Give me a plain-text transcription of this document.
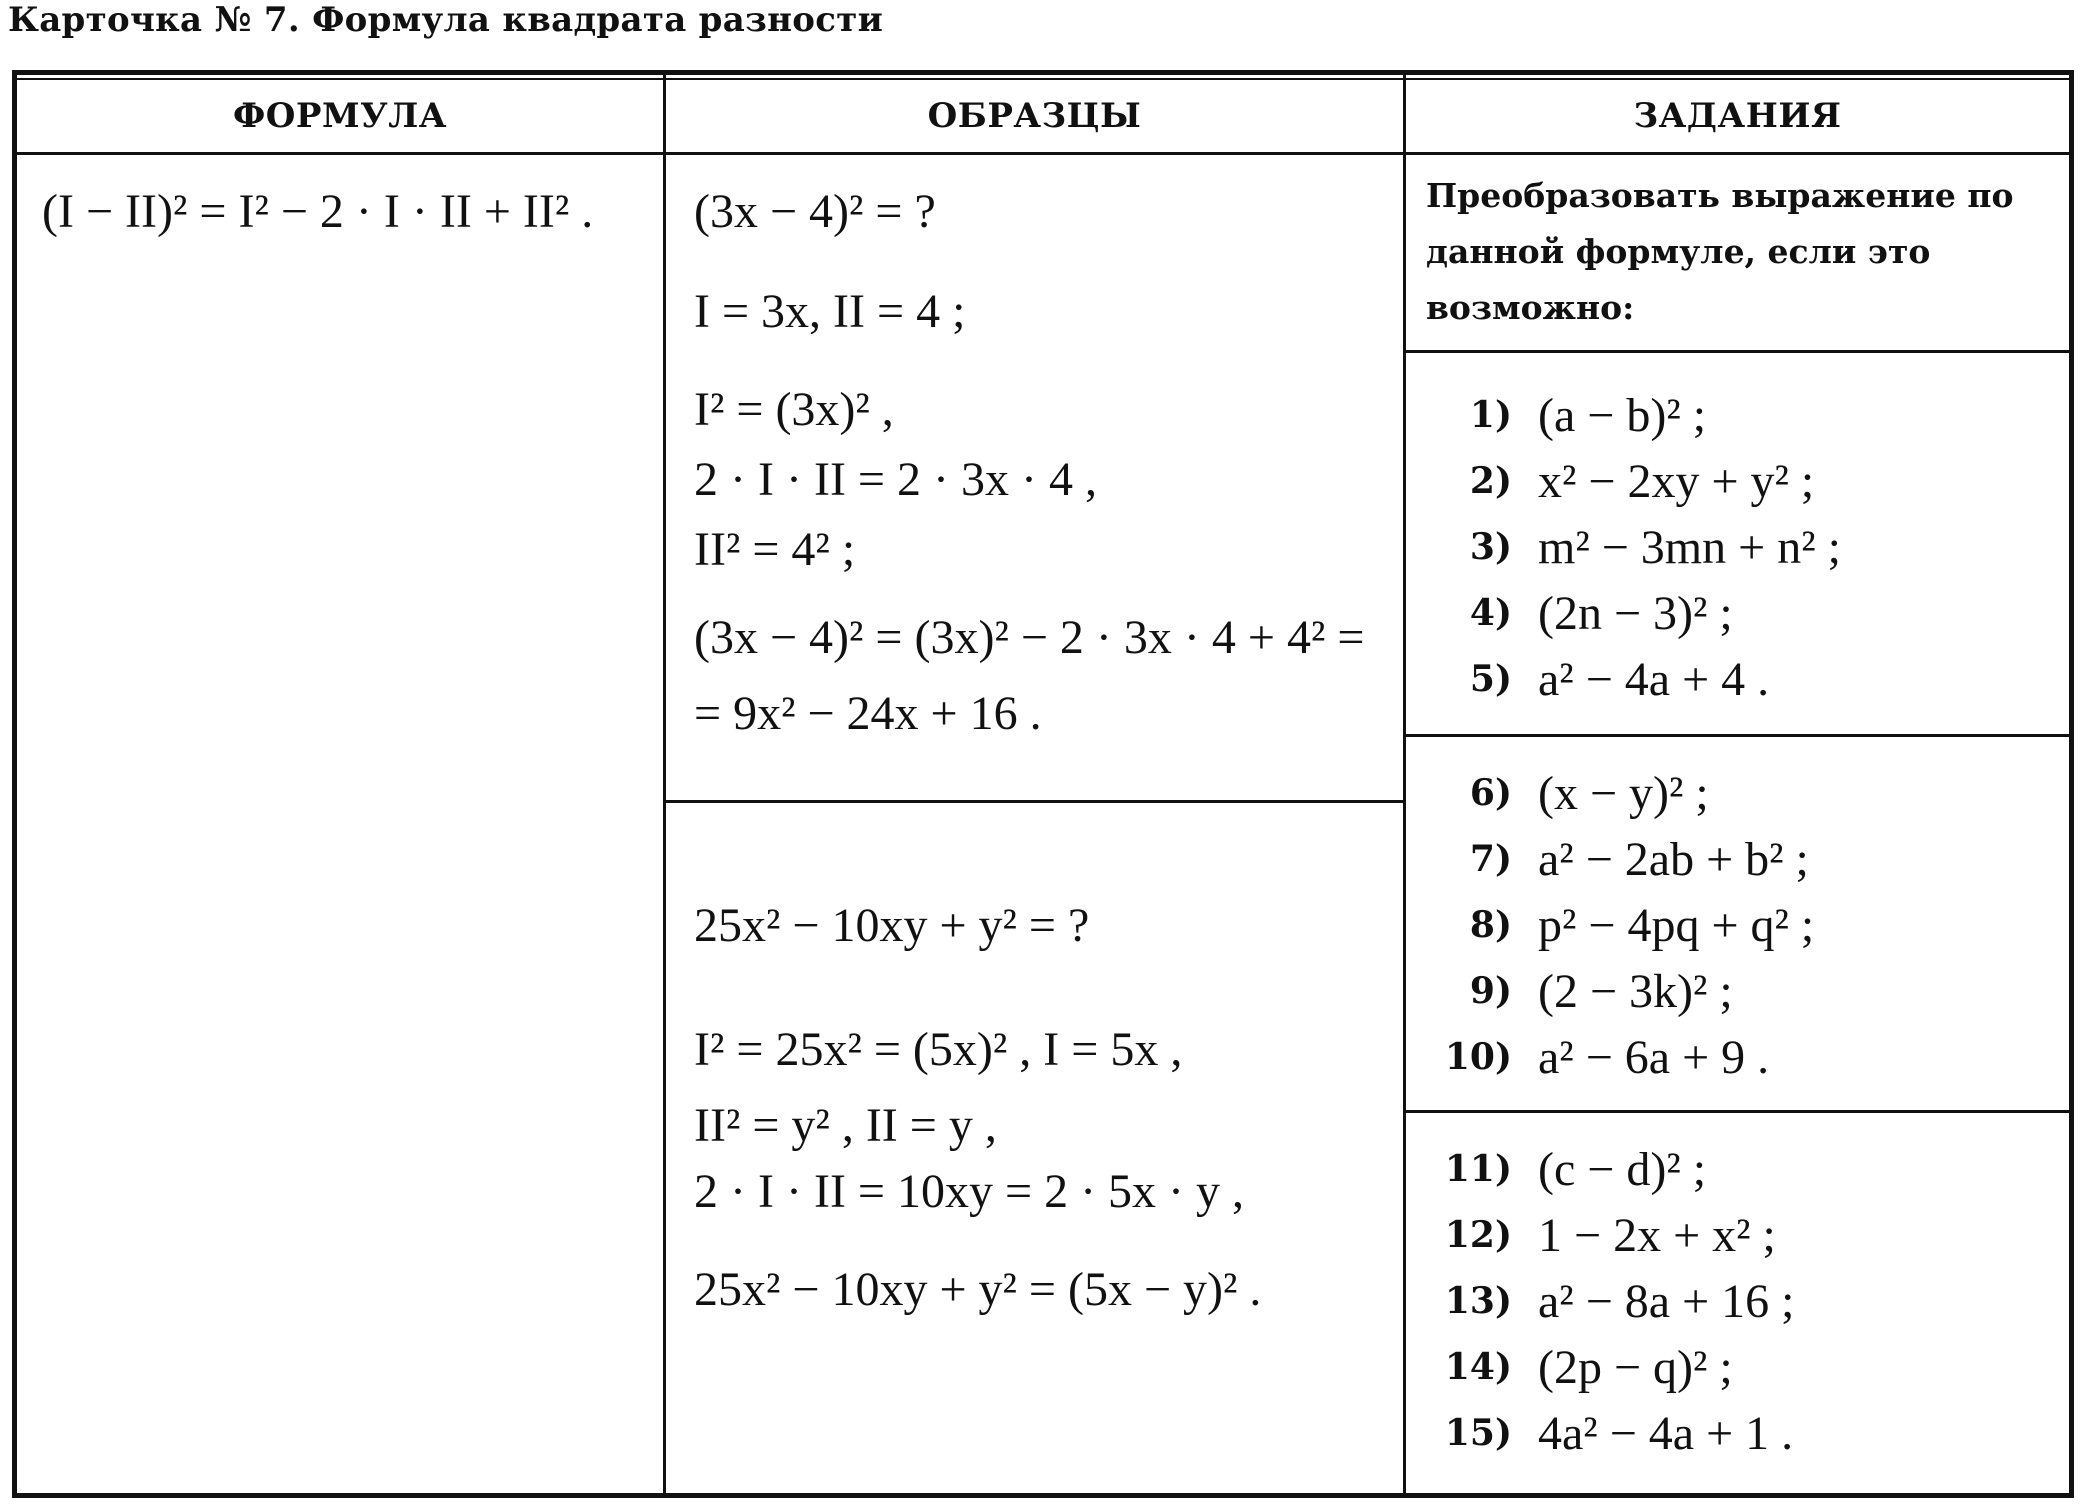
Карточка № 7. Формула квадрата разности
ФОРМУЛА	ОБРАЗЦЫ	ЗАДАНИЯ
(I − II)² = I² − 2 · I · II + II² . (3x − 4)² = ?
I = 3x, II = 4 ;
I² = (3x)² ,
2 · I · II = 2 · 3x · 4 ,
II² = 4² ;
(3x − 4)² = (3x)² − 2 · 3x · 4 + 4² =
= 9x² − 24x + 16 .
25x² − 10xy + y² = ?
I² = 25x² = (5x)² , I = 5x ,
II² = y² , II = y ,
2 · I · II = 10xy = 2 · 5x · y ,
25x² − 10xy + y² = (5x − y)² .
Преобразовать выражение по данной формуле, если это возможно:
1) (a − b)² ;
2) x² − 2xy + y² ;
3) m² − 3mn + n² ;
4) (2n − 3)² ;
5) a² − 4a + 4 .
6) (x − y)² ;
7) a² − 2ab + b² ;
8) p² − 4pq + q² ;
9) (2 − 3k)² ;
10) a² − 6a + 9 .
11) (c − d)² ;
12) 1 − 2x + x² ;
13) a² − 8a + 16 ;
14) (2p − q)² ;
15) 4a² − 4a + 1 .
